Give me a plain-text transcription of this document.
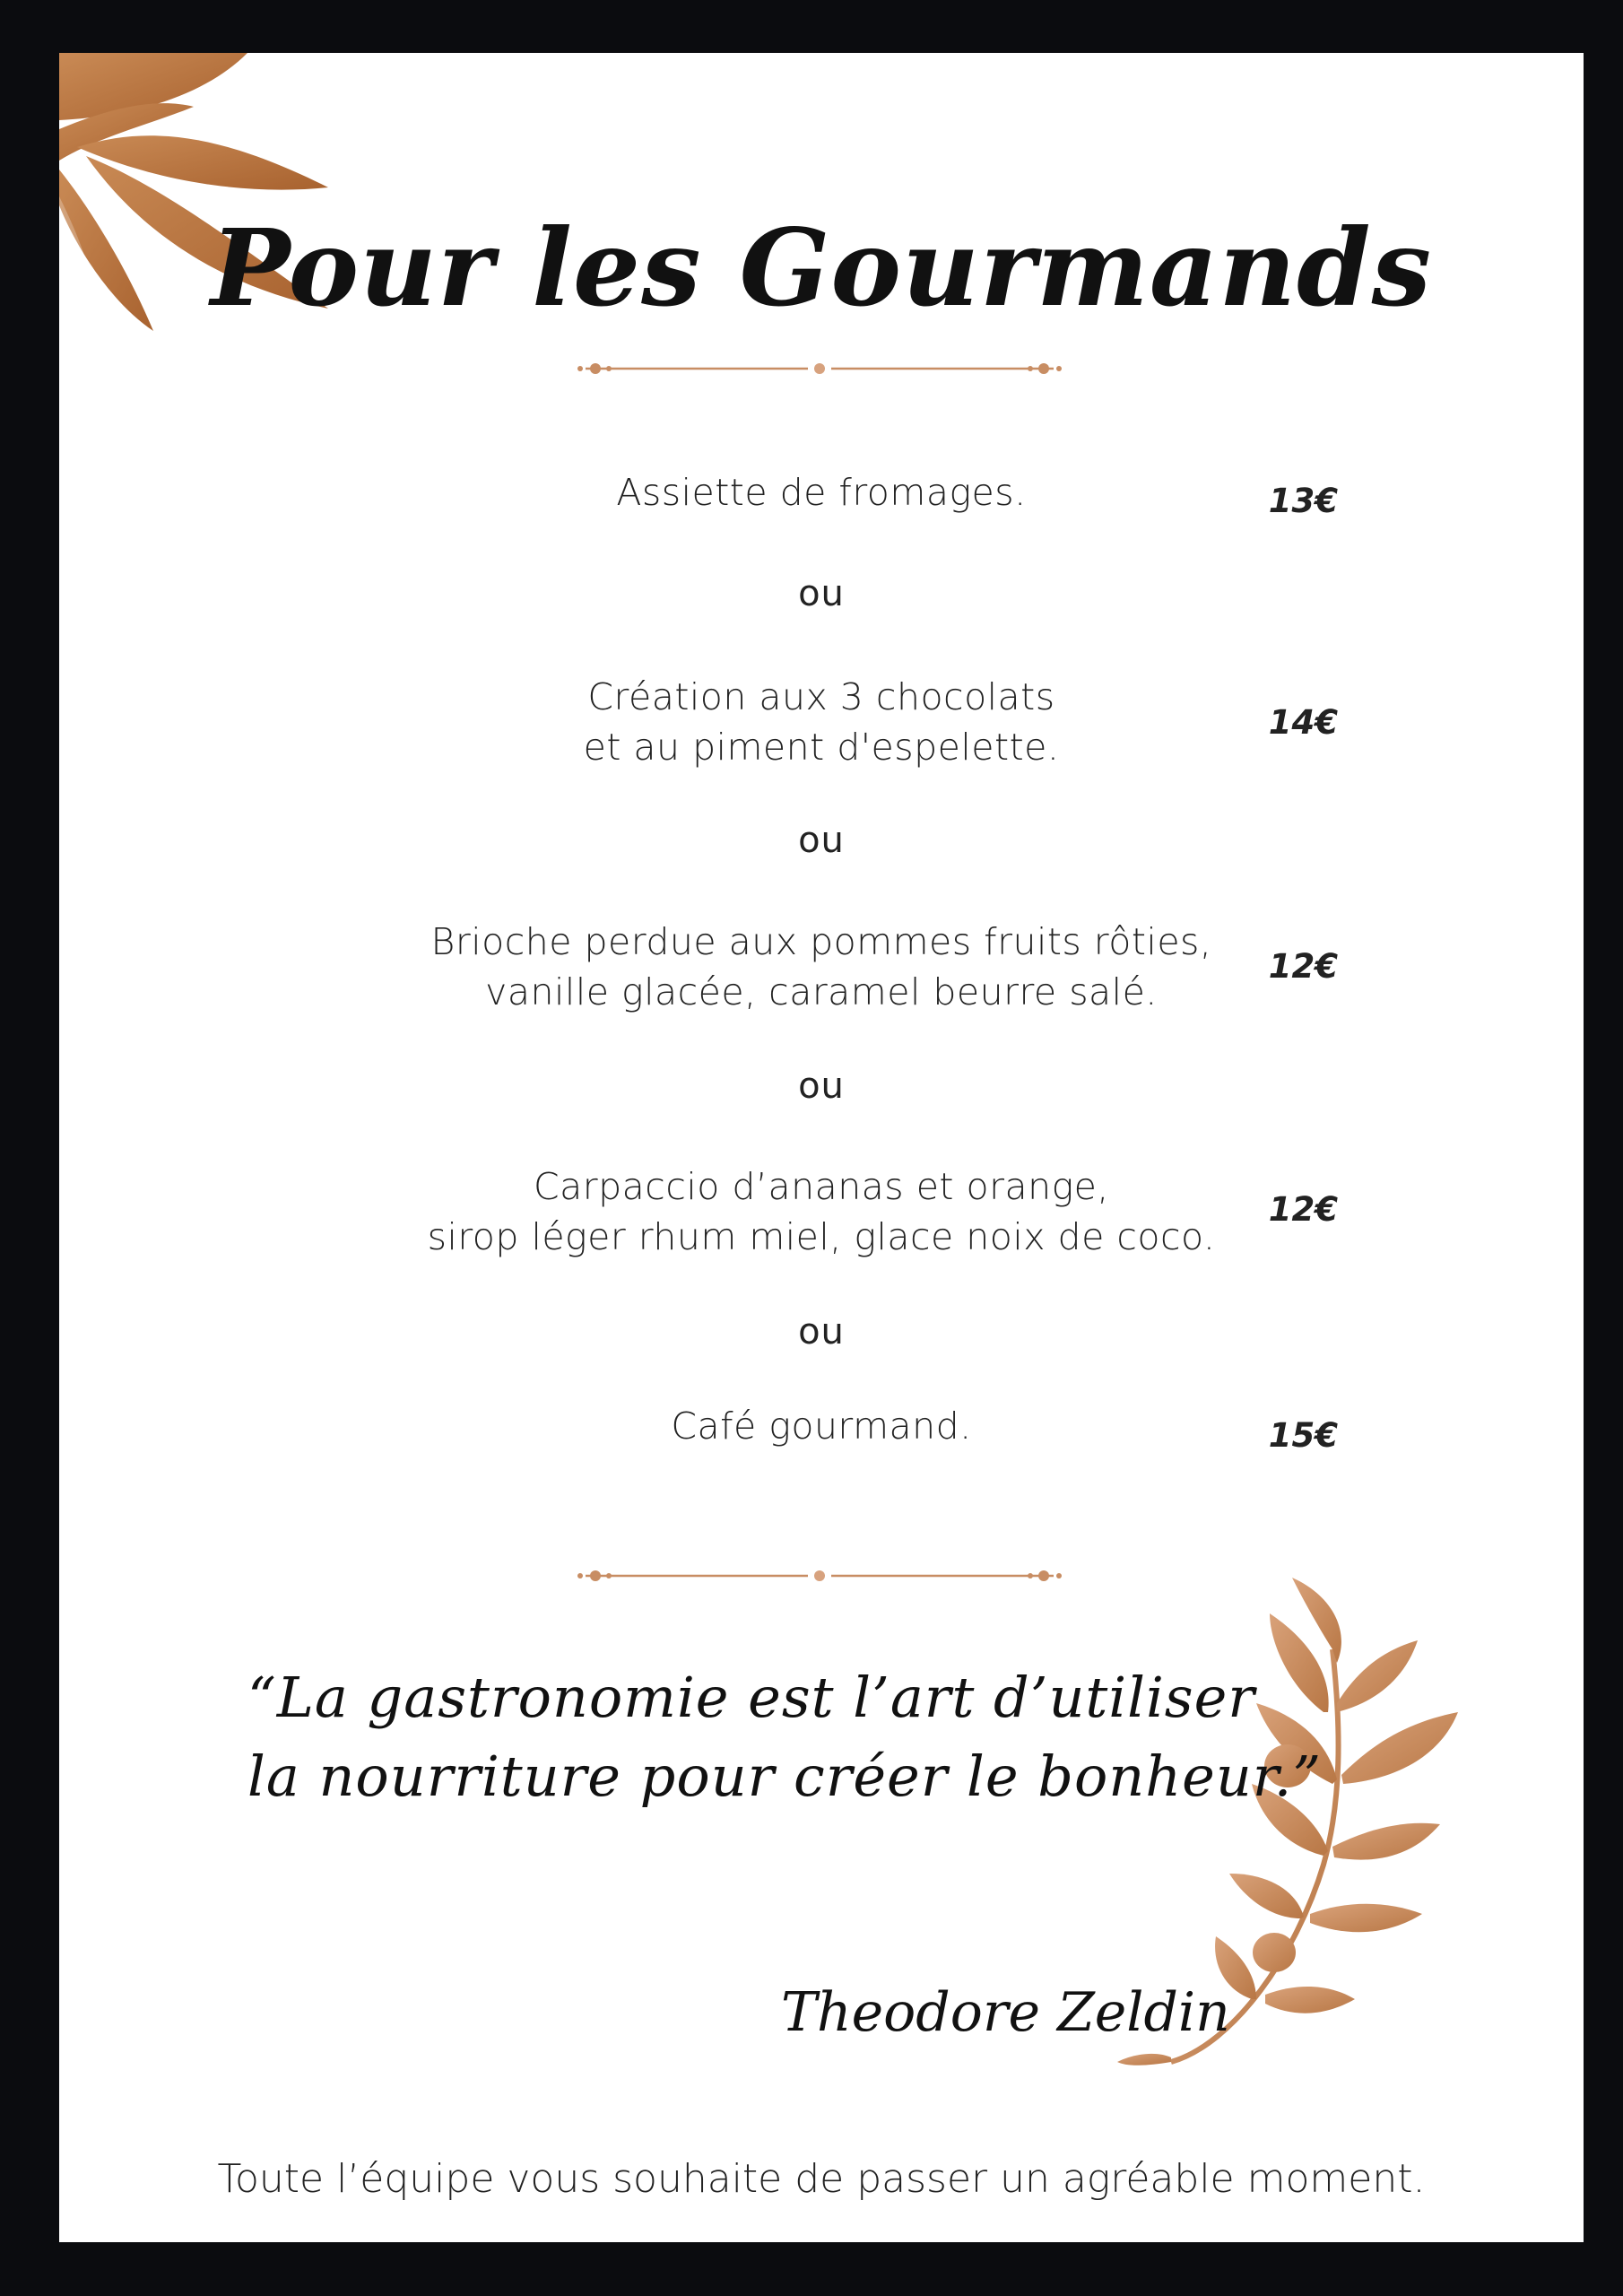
Pour les Gourmands
Assiette de fromages.	13€
ou
Création aux 3 chocolats
et au piment d'espelette.
14€
ou
Brioche perdue aux pommes fruits rôties,
vanille glacée, caramel beurre salé.
12€
ou
Carpaccio d’ananas et orange,
sirop léger rhum miel, glace noix de coco.
12€
ou
Café gourmand.	15€
“La gastronomie est l’art d’utiliser
la nourriture pour créer le bonheur.”
Theodore Zeldin
Toute l’équipe vous souhaite de passer un agréable moment.
